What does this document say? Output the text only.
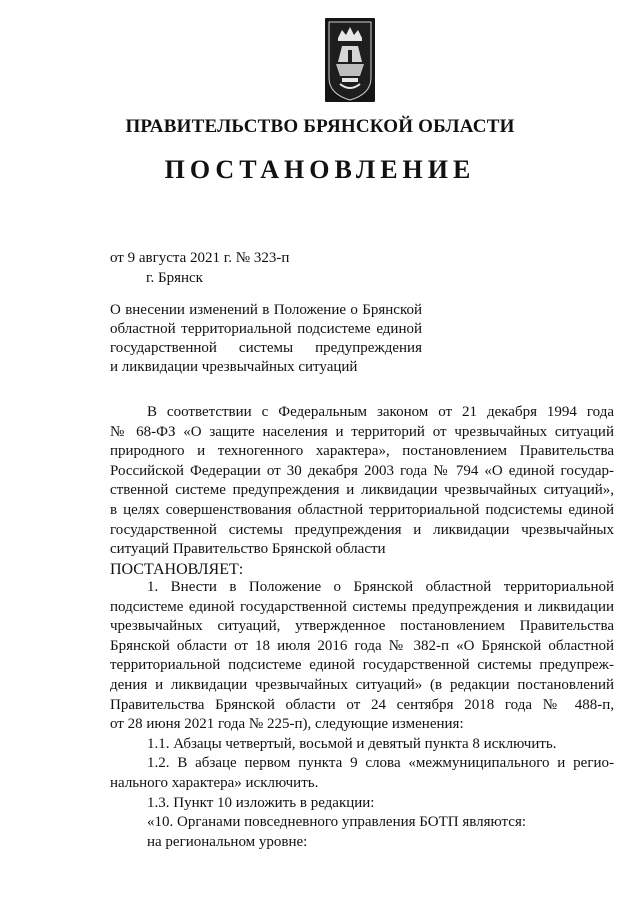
ПРАВИТЕЛЬСТВО БРЯНСКОЙ ОБЛАСТИ
ПОСТАНОВЛЕНИЕ
от 9 августа 2021 г. № 323-п
г. Брянск
О внесении изменений в Положение о Брянской
областной территориальной подсистеме единой
государственной системы предупреждения
и ликвидации чрезвычайных ситуаций
В соответствии с Федеральным законом от 21 декабря 1994 года
№ 68-ФЗ «О защите населения и территорий от чрезвычайных ситуаций
природного и техногенного характера», постановлением Правительства
Российской Федерации от 30 декабря 2003 года № 794 «О единой государ-
ственной системе предупреждения и ликвидации чрезвычайных ситуаций»,
в целях совершенствования областной территориальной подсистемы единой
государственной системы предупреждения и ликвидации чрезвычайных
ситуаций Правительство Брянской области
ПОСТАНОВЛЯЕТ:
1. Внести в Положение о Брянской областной территориальной
подсистеме единой государственной системы предупреждения и ликвидации
чрезвычайных ситуаций, утвержденное постановлением Правительства
Брянской области от 18 июля 2016 года № 382-п «О Брянской областной
территориальной подсистеме единой государственной системы предупреж-
дения и ликвидации чрезвычайных ситуаций» (в редакции постановлений
Правительства Брянской области от 24 сентября 2018 года № 488-п,
от 28 июня 2021 года № 225-п), следующие изменения:
1.1. Абзацы четвертый, восьмой и девятый пункта 8 исключить.
1.2. В абзаце первом пункта 9 слова «межмуниципального и регио-
нального характера» исключить.
1.3. Пункт 10 изложить в редакции:
«10. Органами повседневного управления БОТП являются:
на региональном уровне:
